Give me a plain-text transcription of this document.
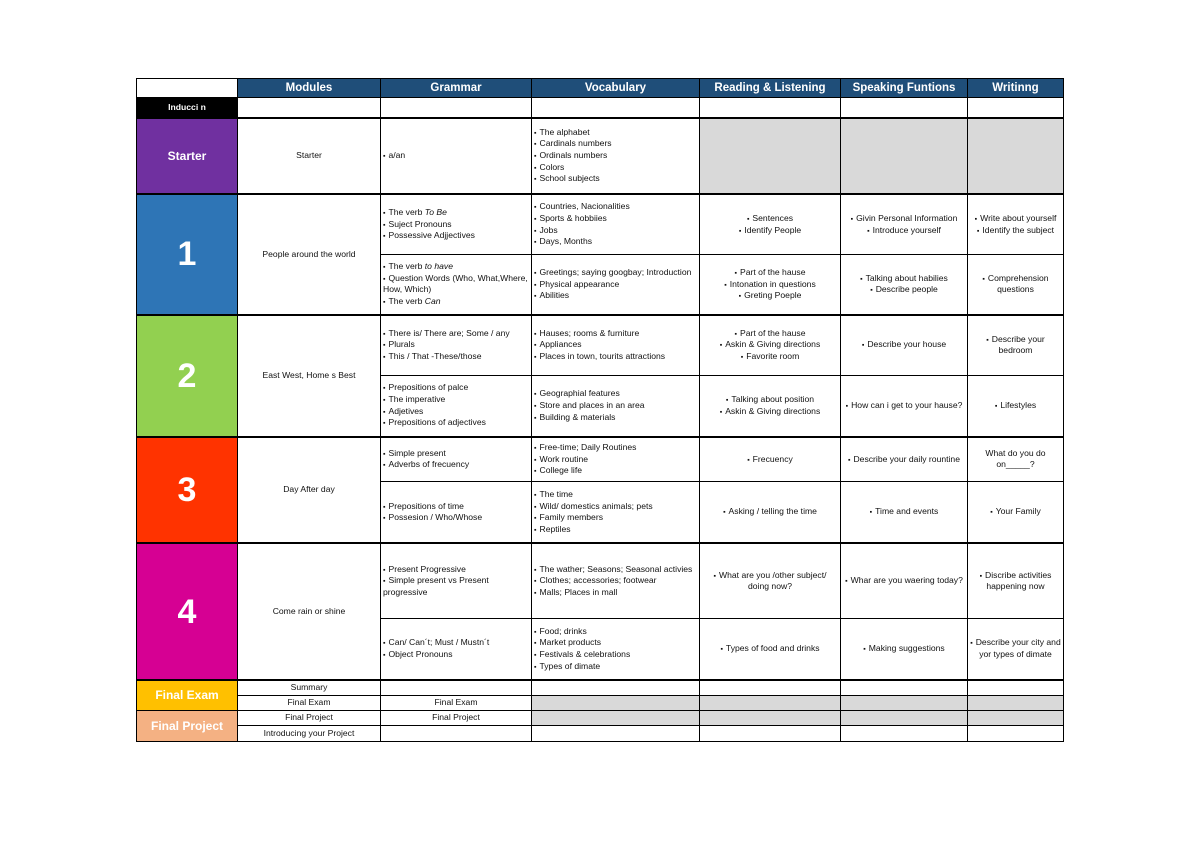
	Modules	Grammar	Vocabulary	Reading & Listening	Speaking Funtions	Writinng
Inducci n						
Starter	Starter	▪ a/an	▪ The alphabet
▪ Cardinals numbers
▪ Ordinals numbers
▪ Colors
▪ School subjects

1	People around the world	▪ The verb To Be
▪ Suject Pronouns
▪ Possessive Adjjectives	▪ Countries, Nacionalities
▪ Sports & hobbiies
▪ Jobs
▪ Days, Months	▪ Sentences
▪ Identify People	▪ Givin Personal Information
▪ Introduce yourself	▪ Write about yourself
▪ Identify the subject

		▪ The verb to have
▪ Question Words (Who, What,Where, How, Which)
▪ The verb Can	▪ Greetings; saying googbay; Introduction
▪ Physical appearance
▪ Abilities	▪ Part of the hause
▪ Intonation in questions
▪ Greting Poeple	▪ Talking about habilies
▪ Describe people	▪ Comprehension questions

2	East West, Home s Best	▪ There is/ There are; Some / any
▪ Plurals
▪ This / That -These/those	▪ Hauses; rooms & furniture
▪ Appliances
▪ Places in town, tourits attractions	▪ Part of the hause
▪ Askin & Giving directions
▪ Favorite room	▪ Describe your house	▪ Describe your bedroom

		▪ Prepositions of palce
▪ The imperative
▪ Adjetives
▪ Prepositions of adjectives	▪ Geographial features
▪ Store and places in an area
▪ Building & materials	▪ Talking about position
▪ Askin & Giving directions	▪ How can i get to your hause?	▪ Lifestyles

3	Day After day	▪ Simple present
▪ Adverbs of frecuency	▪ Free-time; Daily Routines
▪ Work routine
▪ College life	▪ Frecuency	▪ Describe your daily rountine	What do you do on_____?

		▪ Prepositions of time
▪ Possesion / Who/Whose	▪ The time
▪ Wild/ domestics animals; pets
▪ Family members
▪ Reptiles	▪ Asking / telling the time	▪ Time and events	▪ Your Family

4	Come rain or shine	▪ Present Progressive
▪ Simple present vs Present progressive	▪ The wather; Seasons; Seasonal activies
▪ Clothes; accessories; footwear
▪ Malls; Places in mall	▪ What are you /other subject/ doing now?	▪ Whar are you waering today?	▪ Discribe activities happening now

		▪ Can/ Can´t; Must / Mustn´t
▪ Object Pronouns	▪ Food; drinks
▪ Market products
▪ Festivals & celebrations
▪ Types of dimate	▪ Types of food and drinks	▪ Making suggestions	▪ Describe your city and yor types of dimate

Final Exam	Summary					
	Final Exam	Final Exam				
Final Project	Final Project	Final Project				
	Introducing your Project					
